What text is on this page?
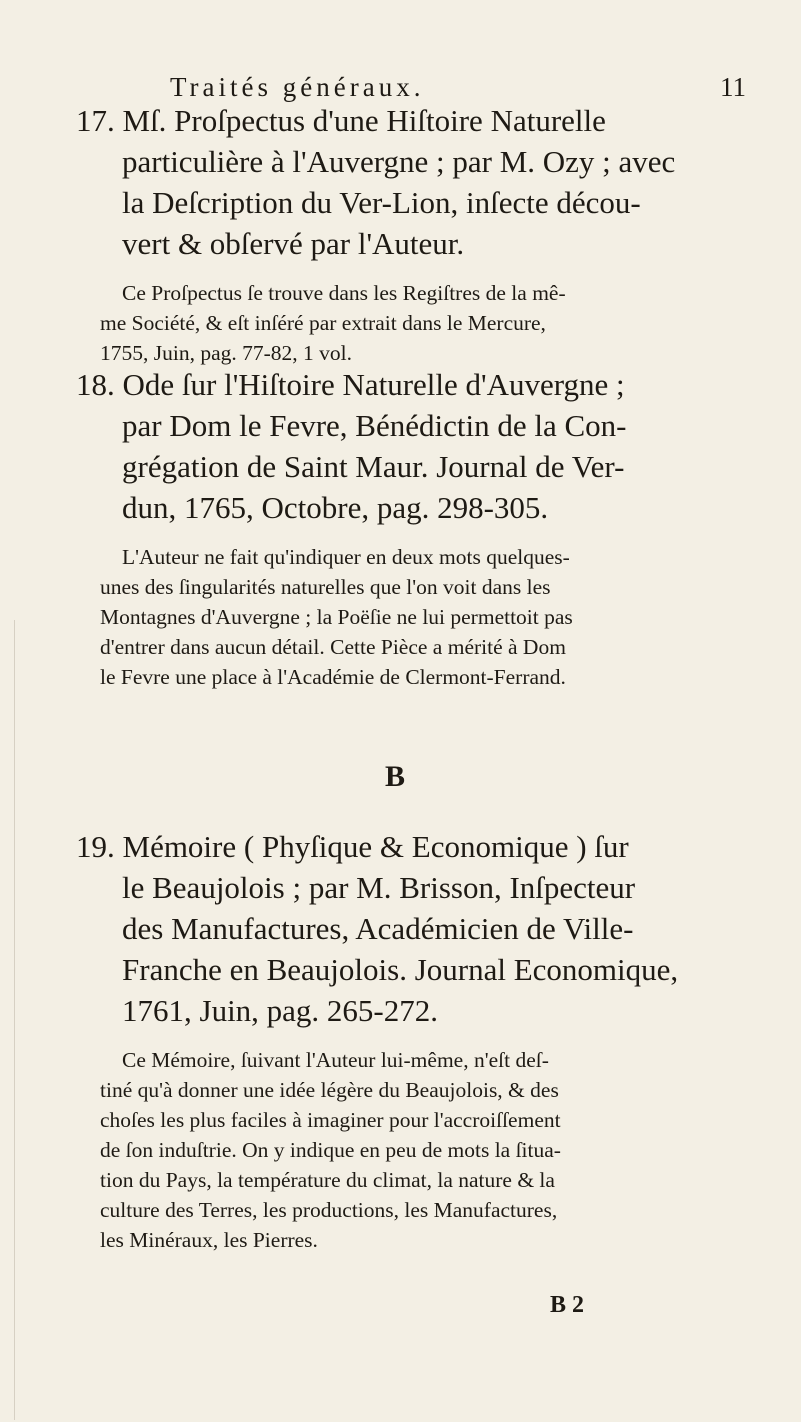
Traités généraux.	11
17. Mſ. Proſpectus d'une Hiſtoire Naturelle
particulière à l'Auvergne ; par M. Ozy ; avec
la Deſcription du Ver-Lion, inſecte décou-
vert & obſervé par l'Auteur.
Ce Proſpectus ſe trouve dans les Regiſtres de la mê-
me Société, & eſt inſéré par extrait dans le Mercure,
1755, Juin, pag. 77-82, 1 vol.
18. Ode ſur l'Hiſtoire Naturelle d'Auvergne ;
par Dom le Fevre, Bénédictin de la Con-
grégation de Saint Maur. Journal de Ver-
dun, 1765, Octobre, pag. 298-305.
L'Auteur ne fait qu'indiquer en deux mots quelques-
unes des ſingularités naturelles que l'on voit dans les
Montagnes d'Auvergne ; la Poëſie ne lui permettoit pas
d'entrer dans aucun détail. Cette Pièce a mérité à Dom
le Fevre une place à l'Académie de Clermont-Ferrand.
B
19. Mémoire ( Phyſique & Economique ) ſur
le Beaujolois ; par M. Brisson, Inſpecteur
des Manufactures, Académicien de Ville-
Franche en Beaujolois. Journal Economique,
1761, Juin, pag. 265-272.
Ce Mémoire, ſuivant l'Auteur lui-même, n'eſt deſ-
tiné qu'à donner une idée légère du Beaujolois, & des
choſes les plus faciles à imaginer pour l'accroiſſement
de ſon induſtrie. On y indique en peu de mots la ſitua-
tion du Pays, la température du climat, la nature & la
culture des Terres, les productions, les Manufactures,
les Minéraux, les Pierres.
B 2
